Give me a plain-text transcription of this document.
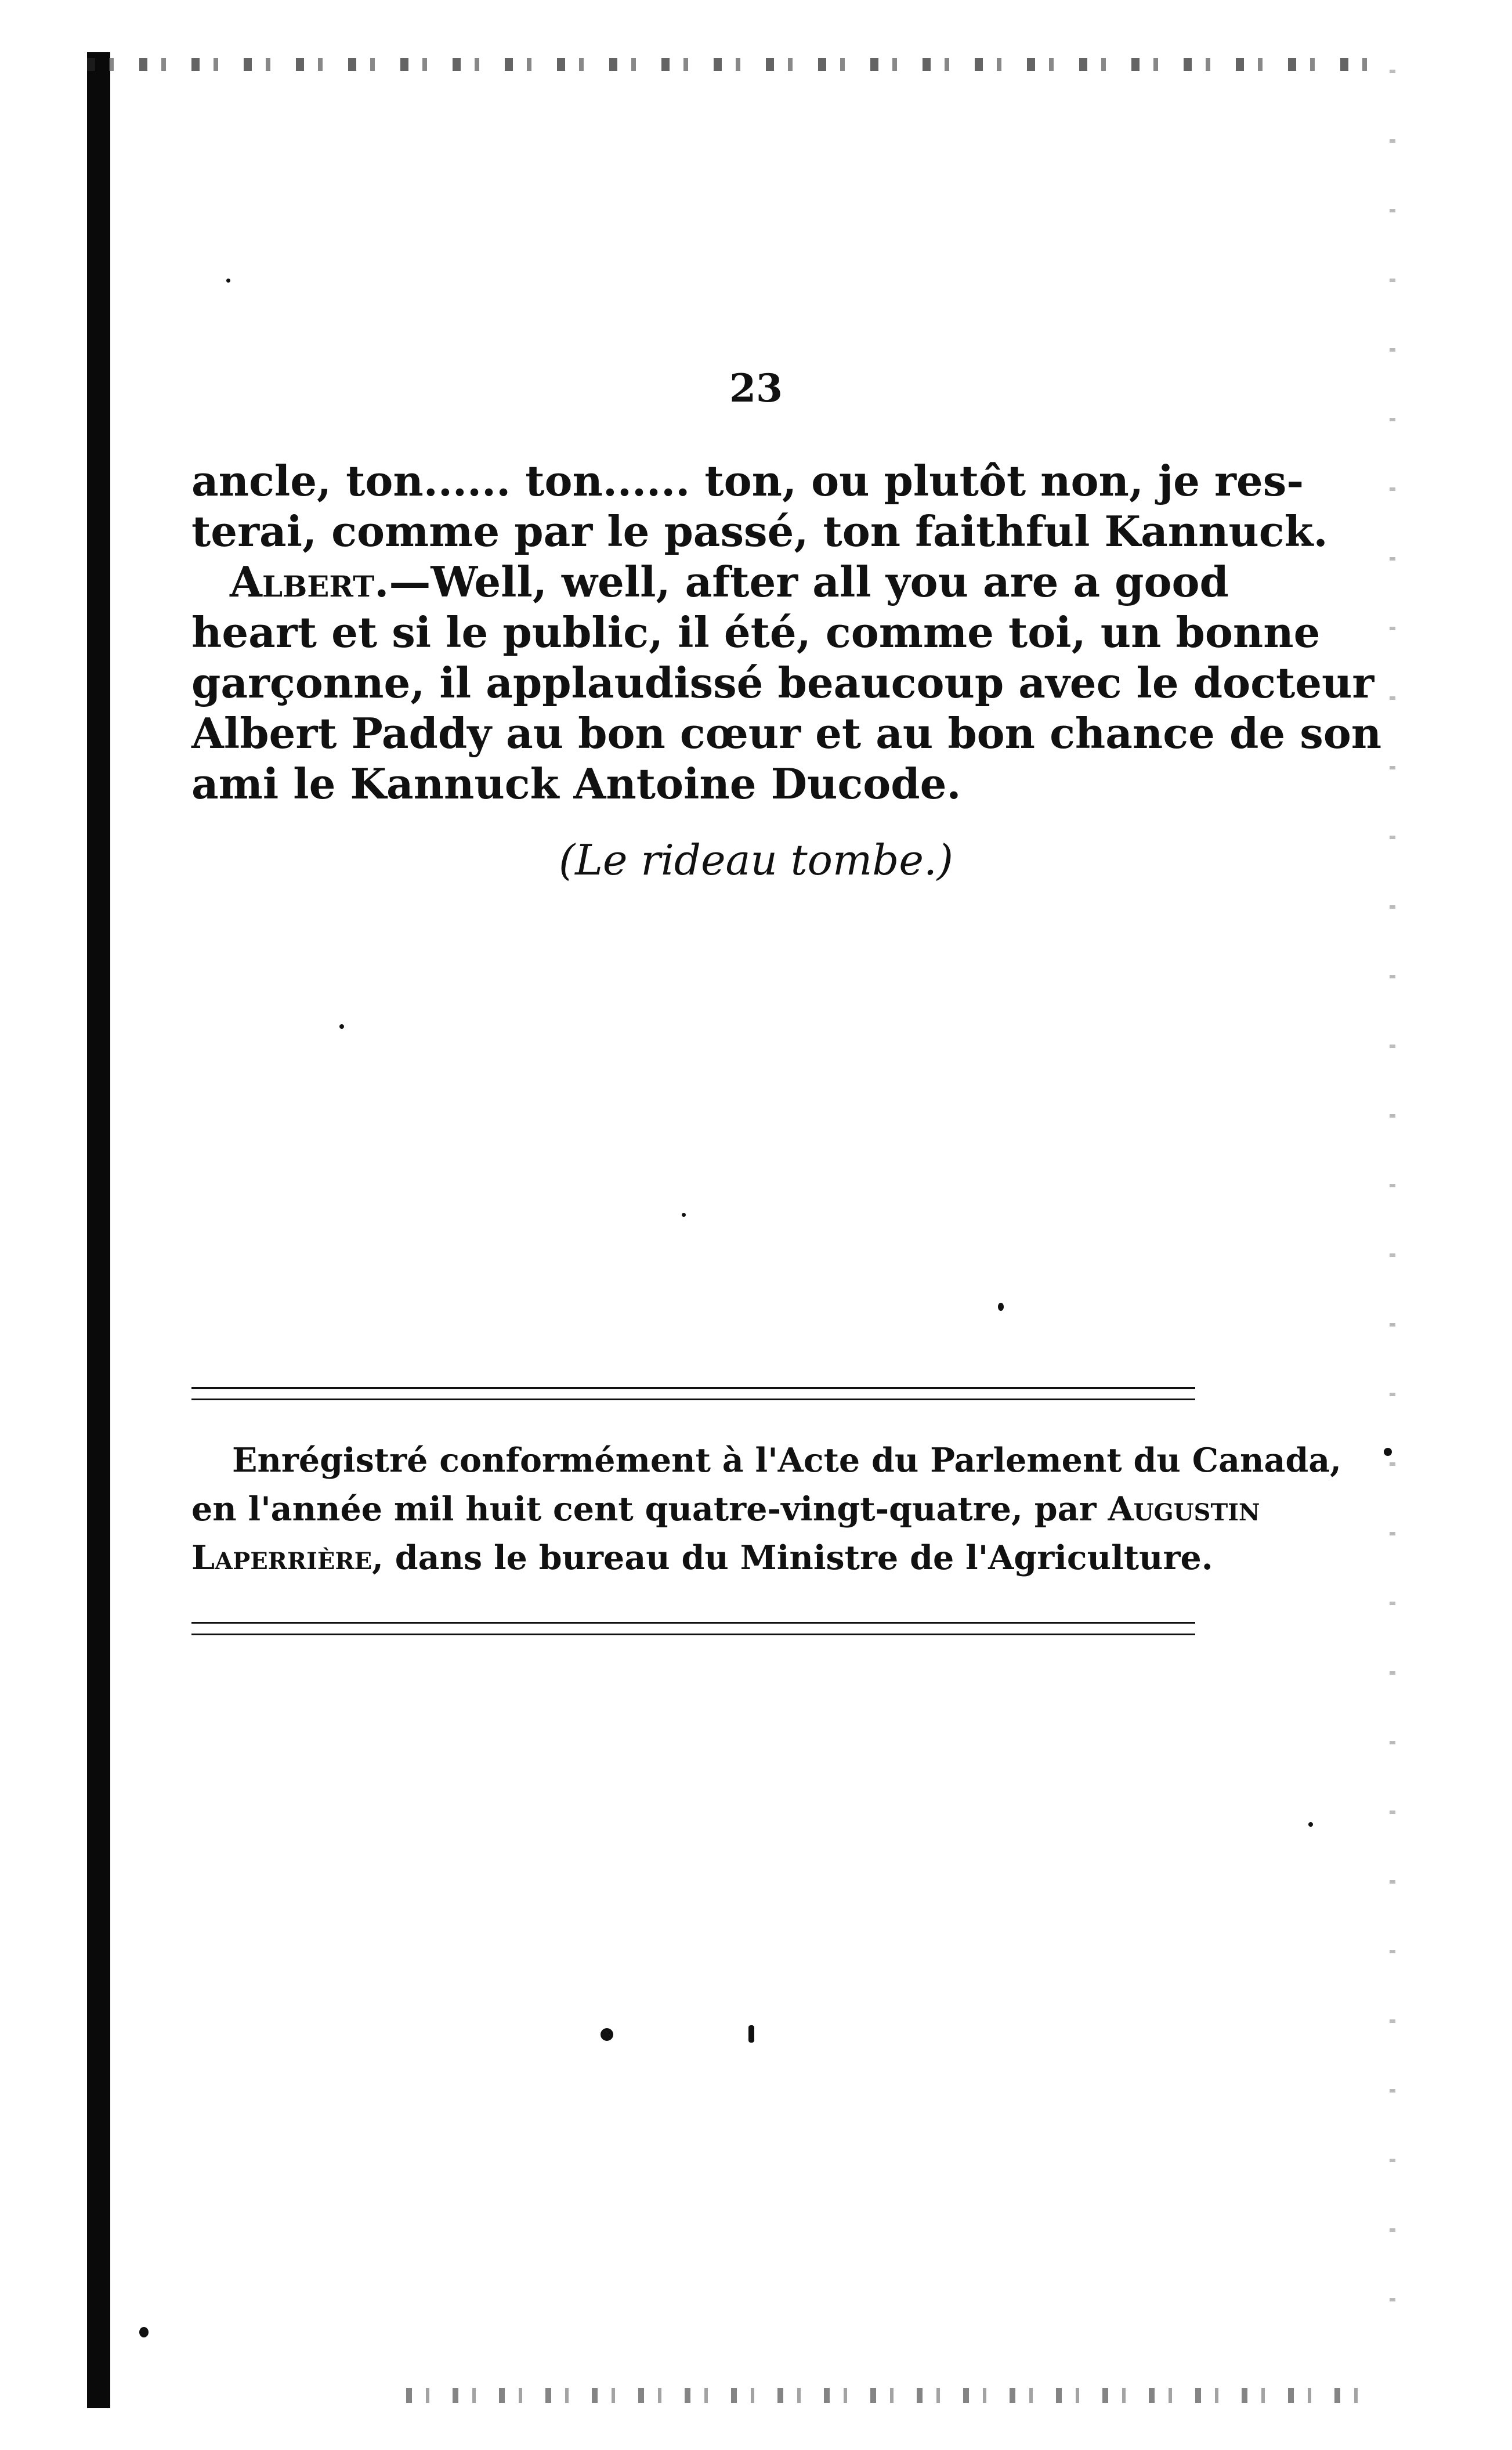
23
ancle, ton...... ton...... ton, ou plutôt non, je res-
terai, comme par le passé, ton faithful Kannuck.
Albert.—Well, well, after all you are a good
heart et si le public, il été, comme toi, un bonne
garçonne, il applaudissé beaucoup avec le docteur
Albert Paddy au bon cœur et au bon chance de son
ami le Kannuck Antoine Ducode.
(Le rideau tombe.)
Enrégistré conformément à l'Acte du Parlement du Canada,
en l'année mil huit cent quatre-vingt-quatre, par Augustin
Laperrière, dans le bureau du Ministre de l'Agriculture.
